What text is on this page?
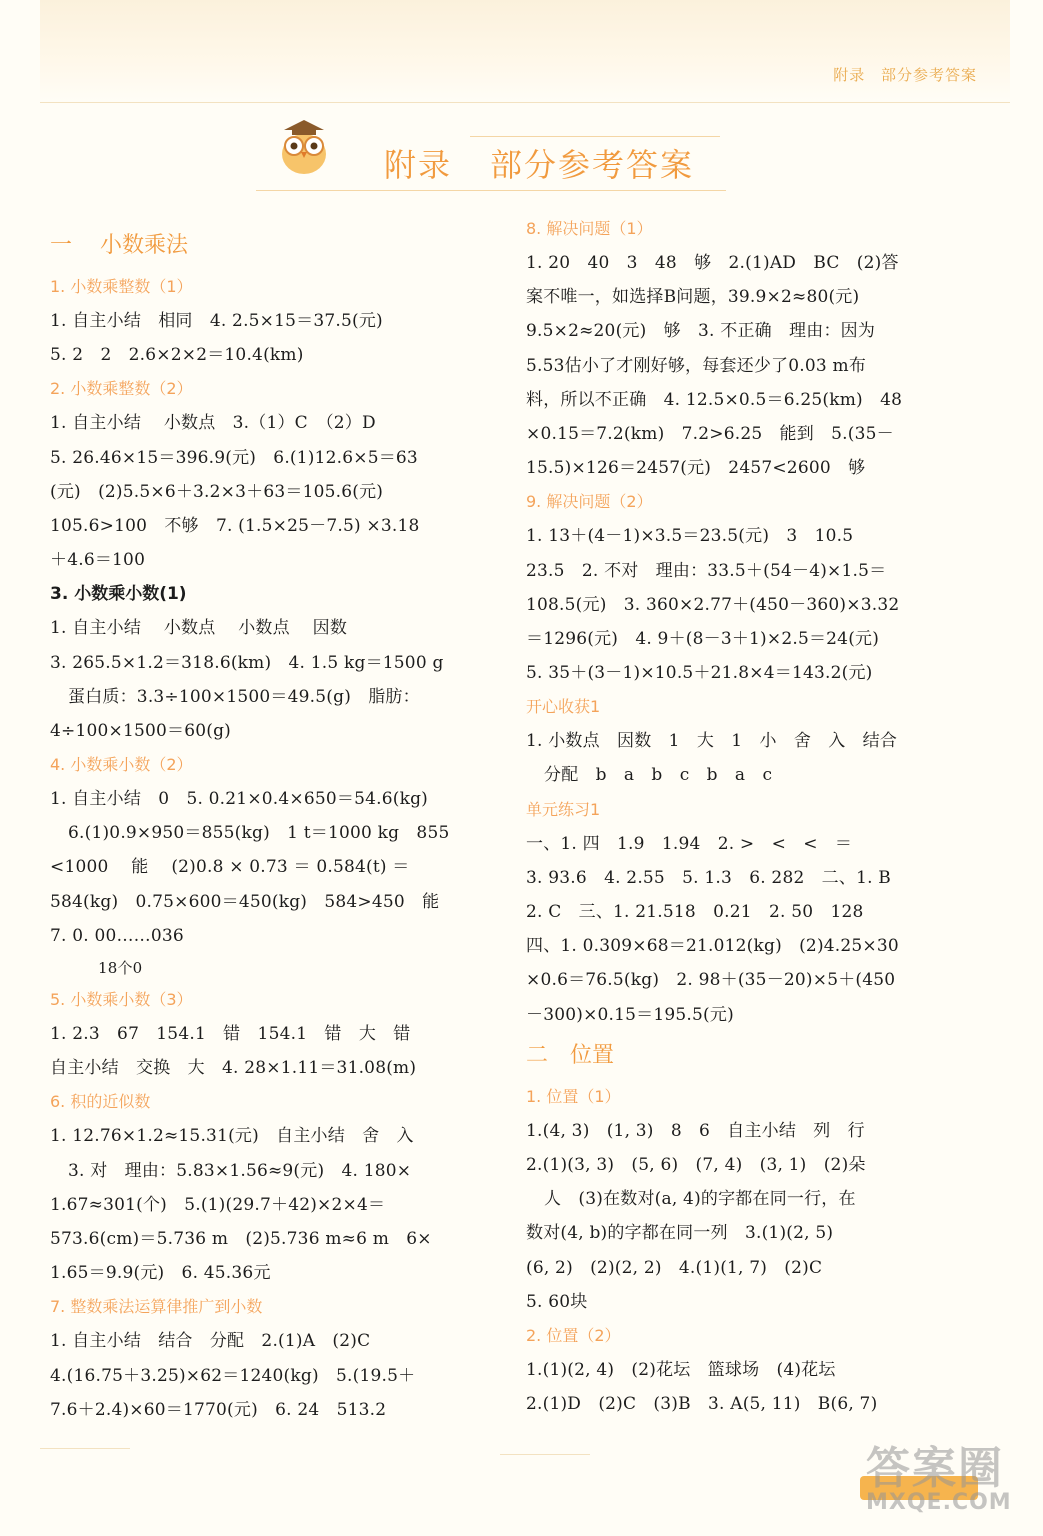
附录 部分参考答案
附录 部分参考答案
一 小数乘法
1. 小数乘整数（1）
1. 自主小结　相同　4. 2.5×15＝37.5(元)
5. 2　2　2.6×2×2＝10.4(km)
2. 小数乘整数（2）
1. 自主小结　 小数点　3.（1）C　（2）D
5. 26.46×15＝396.9(元)　6.(1)12.6×5＝63
(元)　(2)5.5×6＋3.2×3＋63＝105.6(元)
105.6>100　不够　7. (1.5×25－7.5) ×3.18
＋4.6＝100
3. 小数乘小数(1)
1. 自主小结　 小数点　 小数点　 因数
3. 265.5×1.2＝318.6(km)　4. 1.5 kg＝1500 g
蛋白质：3.3÷100×1500＝49.5(g)　脂肪：
4÷100×1500＝60(g)
4. 小数乘小数（2）
1. 自主小结　0　5. 0.21×0.4×650＝54.6(kg)
6.(1)0.9×950＝855(kg)　1 t＝1000 kg　855
<1000　 能　 (2)0.8 × 0.73 ＝ 0.584(t) ＝
584(kg)　0.75×600＝450(kg)　584>450　能
7. 0. 00……036
18个0
5. 小数乘小数（3）
1. 2.3　67　154.1　错　154.1　错　大　错
自主小结　交换　大　4. 28×1.11＝31.08(m)
6. 积的近似数
1. 12.76×1.2≈15.31(元)　自主小结　舍　入
3. 对　理由：5.83×1.56≈9(元)　4. 180×
1.67≈301(个)　5.(1)(29.7＋42)×2×4＝
573.6(cm)＝5.736 m　(2)5.736 m≈6 m　6×
1.65＝9.9(元)　6. 45.36元
7. 整数乘法运算律推广到小数
1. 自主小结　结合　分配　2.(1)A　(2)C
4.(16.75＋3.25)×62＝1240(kg)　5.(19.5＋
7.6＋2.4)×60＝1770(元)　6. 24　513.2
8. 解决问题（1）
1. 20　40　3　48　够　2.(1)AD　BC　(2)答
案不唯一，如选择B问题，39.9×2≈80(元)
9.5×2≈20(元)　够　3. 不正确　理由：因为
5.53估小了才刚好够，每套还少了0.03 m布
料，所以不正确　4. 12.5×0.5＝6.25(km)　48
×0.15＝7.2(km)　7.2>6.25　能到　5.(35－
15.5)×126＝2457(元)　2457<2600　够
9. 解决问题（2）
1. 13＋(4－1)×3.5＝23.5(元)　3　10.5
23.5　2. 不对　理由：33.5＋(54－4)×1.5＝
108.5(元)　3. 360×2.77＋(450－360)×3.32
＝1296(元)　4. 9＋(8－3＋1)×2.5＝24(元)
5. 35＋(3－1)×10.5＋21.8×4＝143.2(元)
开心收获1
1. 小数点　因数　1　大　1　小　舍　入　结合
分配　b　a　b　c　b　a　c
单元练习1
一、1. 四　1.9　1.94　2. >　<　<　＝
3. 93.6　4. 2.55　5. 1.3　6. 282　二、1. B
2. C　三、1. 21.518　0.21　2. 50　128
四、1. 0.309×68＝21.012(kg)　(2)4.25×30
×0.6＝76.5(kg)　2. 98＋(35－20)×5＋(450
－300)×0.15＝195.5(元)
二　位置
1. 位置（1）
1.(4, 3)　(1, 3)　8　6　自主小结　列　行
2.(1)(3, 3)　(5, 6)　(7, 4)　(3, 1)　(2)朵
人　(3)在数对(a, 4)的字都在同一行，在
数对(4, b)的字都在同一列　3.(1)(2, 5)
(6, 2)　(2)(2, 2)　4.(1)(1, 7)　(2)C
5. 60块
2. 位置（2）
1.(1)(2, 4)　(2)花坛　篮球场　(4)花坛
2.(1)D　(2)C　(3)B　3. A(5, 11)　B(6, 7)
答案圈
MXQE.COM
